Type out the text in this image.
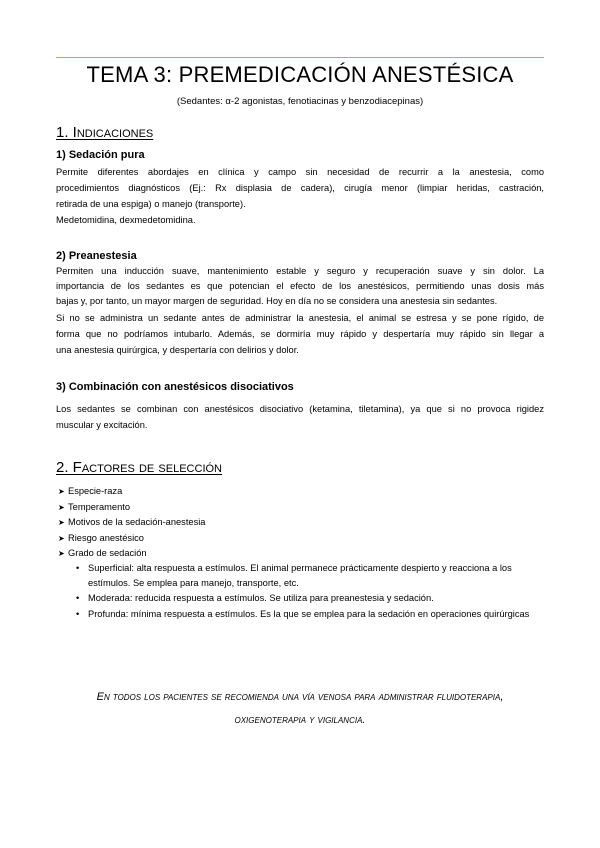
TEMA 3: PREMEDICACIÓN ANESTÉSICA
(Sedantes: α-2 agonistas, fenotiacinas y benzodiacepinas)
1. Indicaciones
1) Sedación pura
Permite diferentes abordajes en clínica y campo sin necesidad de recurrir a la anestesia, como
procedimientos diagnósticos (Ej.: Rx displasia de cadera), cirugía menor (limpiar heridas, castración,
retirada de una espiga) o manejo (transporte).
Medetomidina, dexmedetomidina.
2) Preanestesia
Permiten una inducción suave, mantenimiento estable y seguro y recuperación suave y sin dolor. La
importancia de los sedantes es que potencian el efecto de los anestésicos, permitiendo unas dosis más
bajas y, por tanto, un mayor margen de seguridad. Hoy en día no se considera una anestesia sin sedantes.
Si no se administra un sedante antes de administrar la anestesia, el animal se estresa y se pone rígido, de
forma que no podríamos intubarlo. Además, se dormiría muy rápido y despertaría muy rápido sin llegar a
una anestesia quirúrgica, y despertaría con delirios y dolor.
3) Combinación con anestésicos disociativos
Los sedantes se combinan con anestésicos disociativo (ketamina, tiletamina), ya que si no provoca rigidez
muscular y excitación.
2. Factores de selección
➤ Especie-raza
➤ Temperamento
➤ Motivos de la sedación-anestesia
➤ Riesgo anestésico
➤ Grado de sedación
• Superficial: alta respuesta a estímulos. El animal permanece prácticamente despierto y reacciona a los estímulos. Se emplea para manejo, transporte, etc.
• Moderada: reducida respuesta a estímulos. Se utiliza para preanestesia y sedación.
• Profunda: mínima respuesta a estímulos. Es la que se emplea para la sedación en operaciones quirúrgicas
En todos los pacientes se recomienda una vía venosa para administrar fluidoterapia,
oxigenoterapia y vigilancia.
